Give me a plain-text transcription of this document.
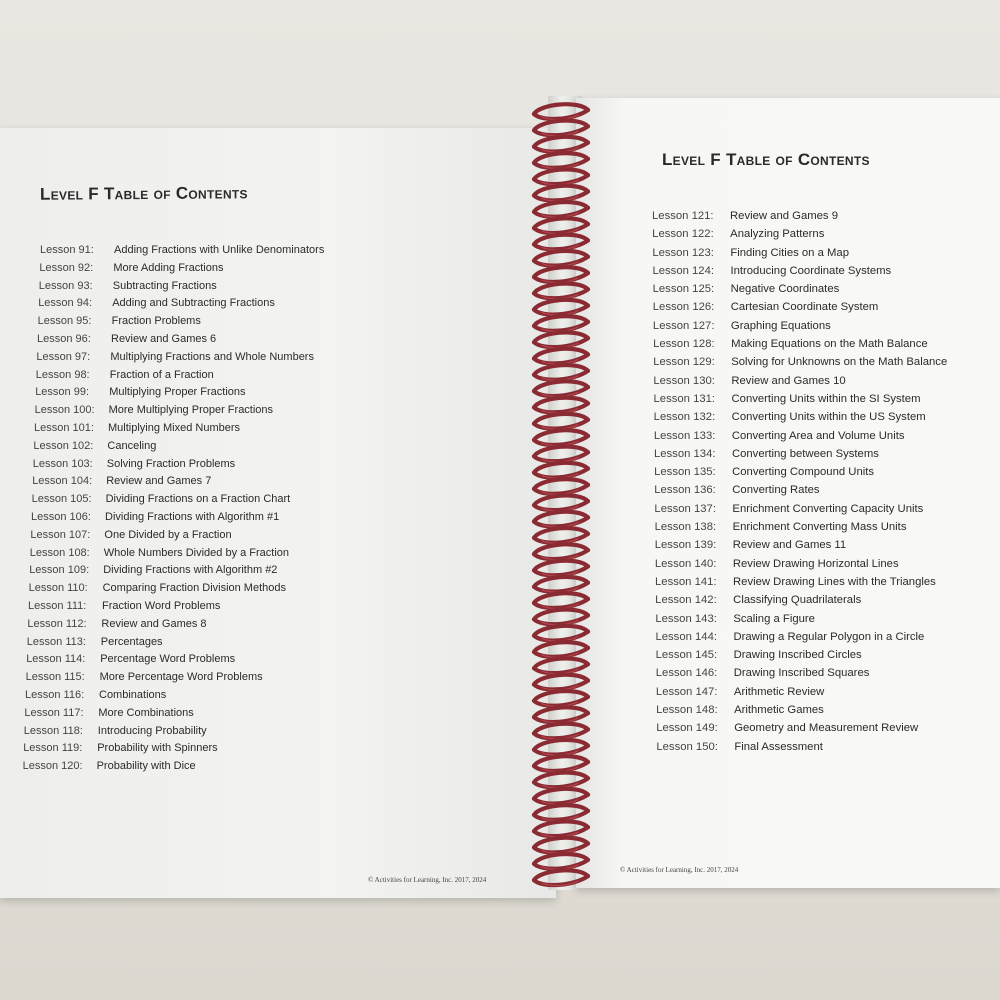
Level F Table of Contents
Lesson 91: Adding Fractions with Unlike Denominators
Lesson 92: More Adding Fractions
Lesson 93: Subtracting Fractions
Lesson 94: Adding and Subtracting Fractions
Lesson 95: Fraction Problems
Lesson 96: Review and Games 6
Lesson 97: Multiplying Fractions and Whole Numbers
Lesson 98: Fraction of a Fraction
Lesson 99: Multiplying Proper Fractions
Lesson 100: More Multiplying Proper Fractions
Lesson 101: Multiplying Mixed Numbers
Lesson 102: Canceling
Lesson 103: Solving Fraction Problems
Lesson 104: Review and Games 7
Lesson 105: Dividing Fractions on a Fraction Chart
Lesson 106: Dividing Fractions with Algorithm #1
Lesson 107: One Divided by a Fraction
Lesson 108: Whole Numbers Divided by a Fraction
Lesson 109: Dividing Fractions with Algorithm #2
Lesson 110: Comparing Fraction Division Methods
Lesson 111: Fraction Word Problems
Lesson 112: Review and Games 8
Lesson 113: Percentages
Lesson 114: Percentage Word Problems
Lesson 115: More Percentage Word Problems
Lesson 116: Combinations
Lesson 117: More Combinations
Lesson 118: Introducing Probability
Lesson 119: Probability with Spinners
Lesson 120: Probability with Dice
© Activities for Learning, Inc. 2017, 2024
Level F Table of Contents
Lesson 121: Review and Games 9
Lesson 122: Analyzing Patterns
Lesson 123: Finding Cities on a Map
Lesson 124: Introducing Coordinate Systems
Lesson 125: Negative Coordinates
Lesson 126: Cartesian Coordinate System
Lesson 127: Graphing Equations
Lesson 128: Making Equations on the Math Balance
Lesson 129: Solving for Unknowns on the Math Balance
Lesson 130: Review and Games 10
Lesson 131: Converting Units within the SI System
Lesson 132: Converting Units within the US System
Lesson 133: Converting Area and Volume Units
Lesson 134: Converting between Systems
Lesson 135: Converting Compound Units
Lesson 136: Converting Rates
Lesson 137: Enrichment Converting Capacity Units
Lesson 138: Enrichment Converting Mass Units
Lesson 139: Review and Games 11
Lesson 140: Review Drawing Horizontal Lines
Lesson 141: Review Drawing Lines with the Triangles
Lesson 142: Classifying Quadrilaterals
Lesson 143: Scaling a Figure
Lesson 144: Drawing a Regular Polygon in a Circle
Lesson 145: Drawing Inscribed Circles
Lesson 146: Drawing Inscribed Squares
Lesson 147: Arithmetic Review
Lesson 148: Arithmetic Games
Lesson 149: Geometry and Measurement Review
Lesson 150: Final Assessment
© Activities for Learning, Inc. 2017, 2024
